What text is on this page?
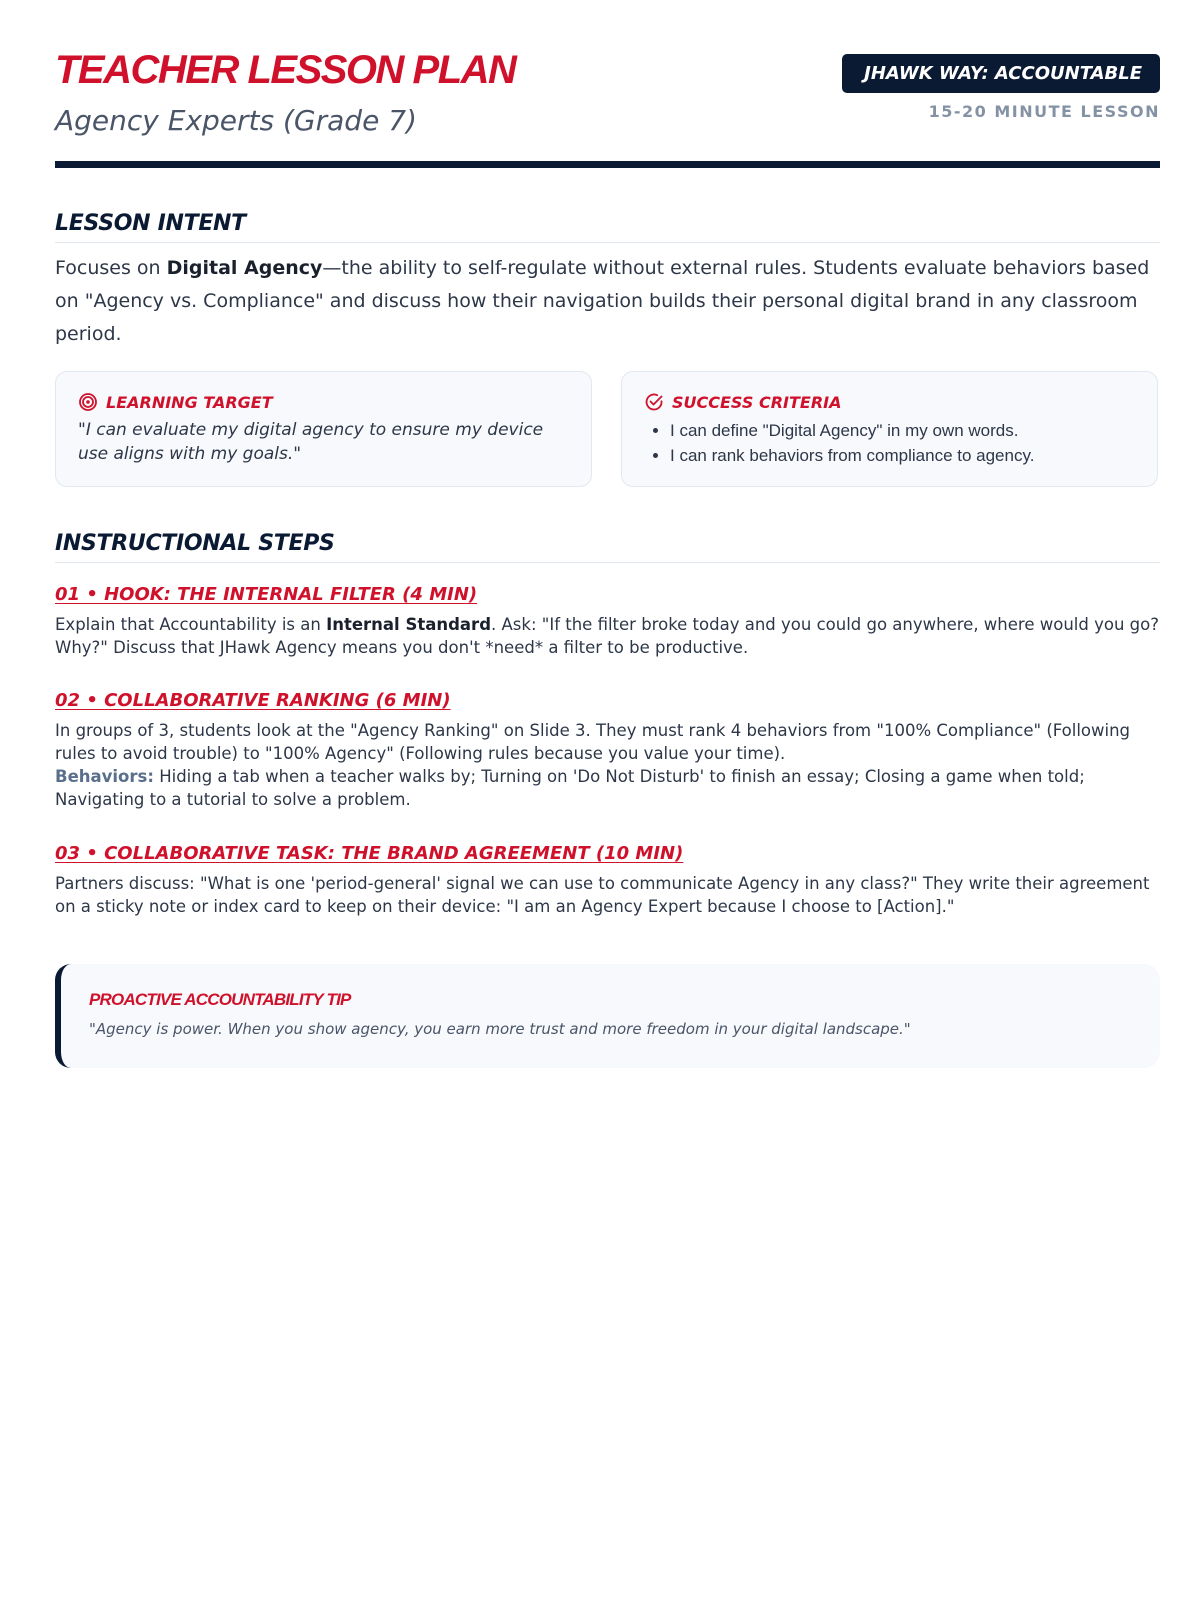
TEACHER LESSON PLAN
Agency Experts (Grade 7)
JHAWK WAY: ACCOUNTABLE
15-20 MINUTE LESSON
LESSON INTENT

Focuses on Digital Agency—the ability to self-regulate without external rules. Students evaluate behaviors based on "Agency vs. Compliance" and discuss how their navigation builds their personal digital brand in any classroom period.

LEARNING TARGET
"I can evaluate my digital agency to ensure my device use aligns with my goals."
SUCCESS CRITERIA
• I can define "Digital Agency" in my own words.
• I can rank behaviors from compliance to agency.
INSTRUCTIONAL STEPS
01 • HOOK: THE INTERNAL FILTER (4 MIN)

Explain that Accountability is an Internal Standard. Ask: "If the filter broke today and you could go anywhere, where would you go? Why?" Discuss that JHawk Agency means you don't *need* a filter to be productive.

02 • COLLABORATIVE RANKING (6 MIN)

In groups of 3, students look at the "Agency Ranking" on Slide 3. They must rank 4 behaviors from "100% Compliance" (Following rules to avoid trouble) to "100% Agency" (Following rules because you value your time).
Behaviors: Hiding a tab when a teacher walks by; Turning on 'Do Not Disturb' to finish an essay; Closing a game when told; Navigating to a tutorial to solve a problem.

03 • COLLABORATIVE TASK: THE BRAND AGREEMENT (10 MIN)

Partners discuss: "What is one 'period-general' signal we can use to communicate Agency in any class?" They write their agreement on a sticky note or index card to keep on their device: "I am an Agency Expert because I choose to [Action]."

PROACTIVE ACCOUNTABILITY TIP
"Agency is power. When you show agency, you earn more trust and more freedom in your digital landscape."
